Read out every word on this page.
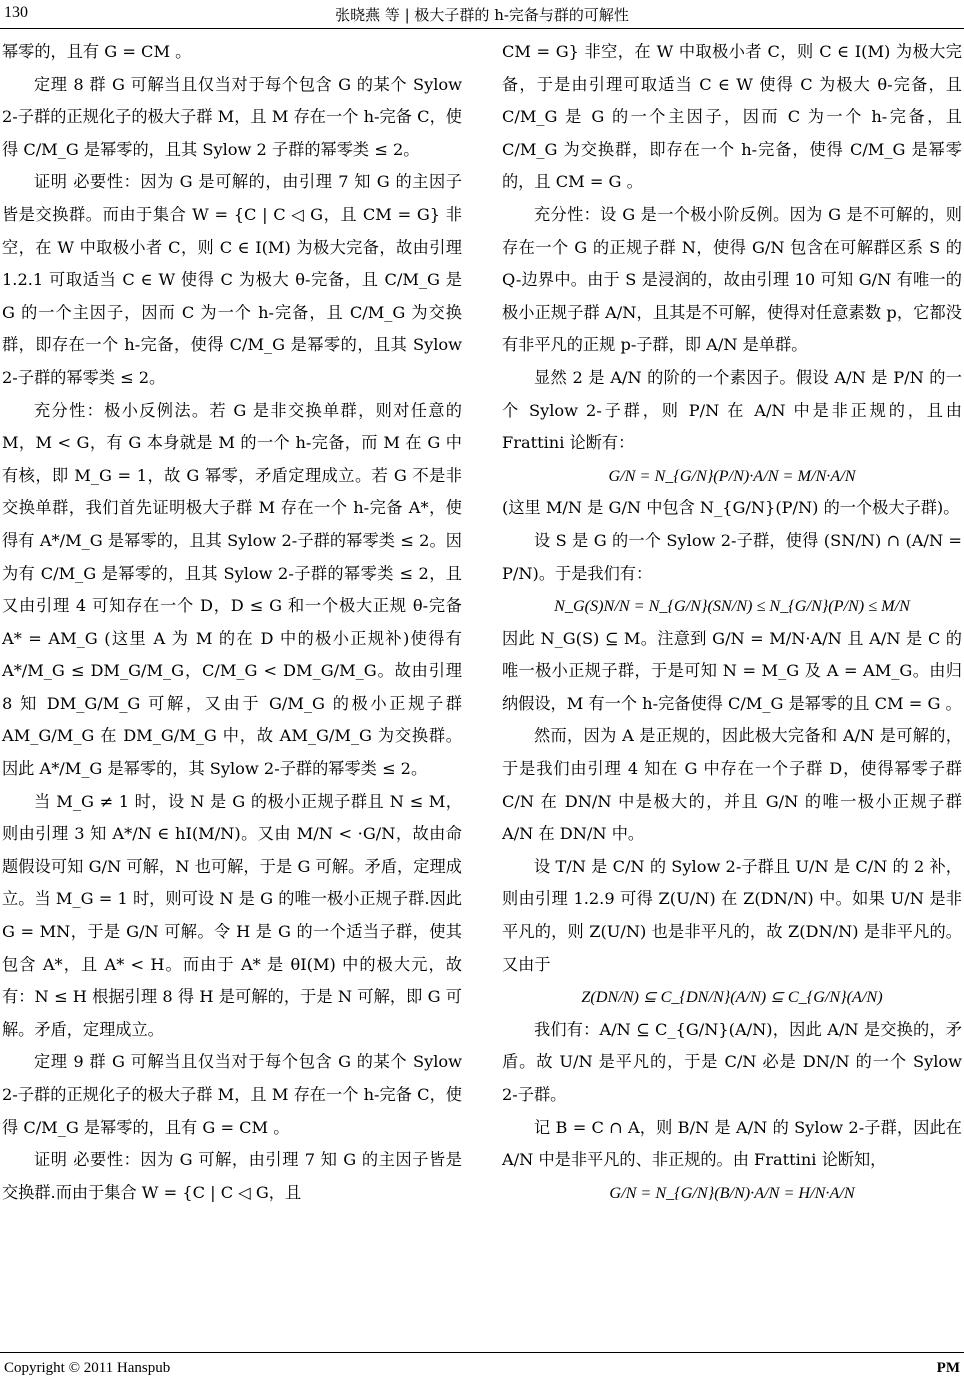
130	张晓燕 等 | 极大子群的 h-完备与群的可解性

幂零的，且有 G = CM 。

定理 8 群 G 可解当且仅当对于每个包含 G 的某个 Sylow 2-子群的正规化子的极大子群 M，且 M 存在一个 h-完备 C，使得 C/M_G 是幂零的，且其 Sylow 2 子群的幂零类 ≤ 2。

证明 必要性：因为 G 是可解的，由引理 7 知 G 的主因子皆是交换群。而由于集合 W = {C | C ◁ G，且 CM = G} 非空，在 W 中取极小者 C，则 C ∈ I(M) 为极大完备，故由引理 1.2.1 可取适当 C ∈ W 使得 C 为极大 θ-完备，且 C/M_G 是 G 的一个主因子，因而 C 为一个 h-完备，且 C/M_G 为交换群，即存在一个 h-完备，使得 C/M_G 是幂零的，且其 Sylow 2-子群的幂零类 ≤ 2。

充分性：极小反例法。若 G 是非交换单群，则对任意的 M，M < G，有 G 本身就是 M 的一个 h-完备，而 M 在 G 中有核，即 M_G = 1，故 G 幂零，矛盾定理成立。若 G 不是非交换单群，我们首先证明极大子群 M 存在一个 h-完备 A*，使得有 A*/M_G 是幂零的，且其 Sylow 2-子群的幂零类 ≤ 2。因为有 C/M_G 是幂零的，且其 Sylow 2-子群的幂零类 ≤ 2，且又由引理 4 可知存在一个 D，D ≤ G 和一个极大正规 θ-完备 A* = AM_G (这里 A 为 M 的在 D 中的极小正规补)使得有 A*/M_G ≤ DM_G/M_G，C/M_G < DM_G/M_G。故由引理 8 知 DM_G/M_G 可解，又由于 G/M_G 的极小正规子群 AM_G/M_G 在 DM_G/M_G 中，故 AM_G/M_G 为交换群。因此 A*/M_G 是幂零的，其 Sylow 2-子群的幂零类 ≤ 2。

当 M_G ≠ 1 时，设 N 是 G 的极小正规子群且 N ≤ M，则由引理 3 知 A*/N ∈ hI(M/N)。又由 M/N < ·G/N，故由命题假设可知 G/N 可解，N 也可解，于是 G 可解。矛盾，定理成立。当 M_G = 1 时，则可设 N 是 G 的唯一极小正规子群.因此 G = MN，于是 G/N 可解。令 H 是 G 的一个适当子群，使其包含 A*，且 A* < H。而由于 A* 是 θI(M) 中的极大元，故有：N ≤ H 根据引理 8 得 H 是可解的，于是 N 可解，即 G 可解。矛盾，定理成立。

定理 9 群 G 可解当且仅当对于每个包含 G 的某个 Sylow 2-子群的正规化子的极大子群 M，且 M 存在一个 h-完备 C，使得 C/M_G 是幂零的，且有 G = CM 。

证明 必要性：因为 G 可解，由引理 7 知 G 的主因子皆是交换群.而由于集合 W = {C | C ◁ G，且

CM = G} 非空，在 W 中取极小者 C，则 C ∈ I(M) 为极大完备，于是由引理可取适当 C ∈ W 使得 C 为极大 θ-完备，且 C/M_G 是 G 的一个主因子，因而 C 为一个 h-完备，且 C/M_G 为交换群，即存在一个 h-完备，使得 C/M_G 是幂零的，且 CM = G 。

充分性：设 G 是一个极小阶反例。因为 G 是不可解的，则存在一个 G 的正规子群 N，使得 G/N 包含在可解群区系 S 的 Q-边界中。由于 S 是浸润的，故由引理 10 可知 G/N 有唯一的极小正规子群 A/N，且其是不可解，使得对任意素数 p，它都没有非平凡的正规 p-子群，即 A/N 是单群。

显然 2 是 A/N 的阶的一个素因子。假设 A/N 是 P/N 的一个 Sylow 2-子群，则 P/N 在 A/N 中是非正规的，且由 Frattini 论断有：

G/N = N_{G/N}(P/N)·A/N = M/N·A/N

(这里 M/N 是 G/N 中包含 N_{G/N}(P/N) 的一个极大子群)。

设 S 是 G 的一个 Sylow 2-子群，使得 (SN/N) ∩ (A/N = P/N)。于是我们有：

N_G(S)N/N = N_{G/N}(SN/N) ≤ N_{G/N}(P/N) ≤ M/N

因此 N_G(S) ⊆ M。注意到 G/N = M/N·A/N 且 A/N 是 C 的唯一极小正规子群，于是可知 N = M_G 及 A = AM_G。由归纳假设，M 有一个 h-完备使得 C/M_G 是幂零的且 CM = G 。

然而，因为 A 是正规的，因此极大完备和 A/N 是可解的，于是我们由引理 4 知在 G 中存在一个子群 D，使得幂零子群 C/N 在 DN/N 中是极大的，并且 G/N 的唯一极小正规子群 A/N 在 DN/N 中。

设 T/N 是 C/N 的 Sylow 2-子群且 U/N 是 C/N 的 2 补，则由引理 1.2.9 可得 Z(U/N) 在 Z(DN/N) 中。如果 U/N 是非平凡的，则 Z(U/N) 也是非平凡的，故 Z(DN/N) 是非平凡的。又由于

Z(DN/N) ⊆ C_{DN/N}(A/N) ⊆ C_{G/N}(A/N)

我们有：A/N ⊆ C_{G/N}(A/N)，因此 A/N 是交换的，矛盾。故 U/N 是平凡的，于是 C/N 必是 DN/N 的一个 Sylow 2-子群。

记 B = C ∩ A，则 B/N 是 A/N 的 Sylow 2-子群，因此在 A/N 中是非平凡的、非正规的。由 Frattini 论断知，

G/N = N_{G/N}(B/N)·A/N = H/N·A/N

Copyright © 2011 Hanspub	PM
